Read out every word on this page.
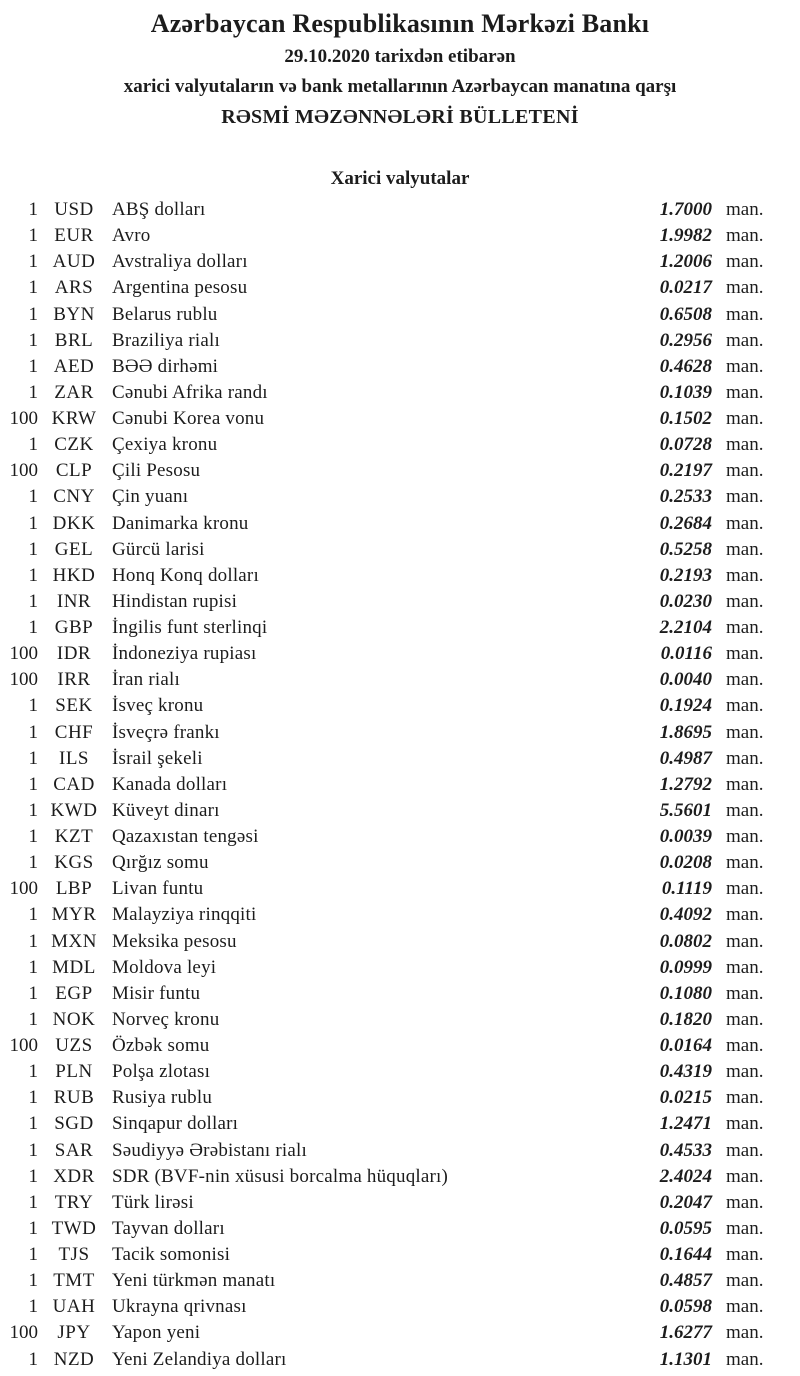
Azərbaycan Respublikasının Mərkəzi Bankı
29.10.2020 tarixdən etibarən
xarici valyutaların və bank metallarının Azərbaycan manatına qarşı
RƏSMİ MƏZƏNNƏLƏRİ BÜLLETENİ
Xarici valyutalar
1 USD ABŞ dolları	1.7000 man.
1 EUR Avro	1.9982 man.
1 AUD Avstraliya dolları	1.2006 man.
1 ARS Argentina pesosu	0.0217 man.
1 BYN Belarus rublu	0.6508 man.
1 BRL Braziliya rialı	0.2956 man.
1 AED BƏƏ dirhəmi	0.4628 man.
1 ZAR Cənubi Afrika randı	0.1039 man.
100 KRW Cənubi Korea vonu	0.1502 man.
1 CZK Çexiya kronu	0.0728 man.
100 CLP	Çili Pesosu	0.2197 man.
1 CNY Çin yuanı	0.2533 man.
1 DKK Danimarka kronu	0.2684 man.
1 GEL Gürcü larisi	0.5258 man.
1 HKD Honq Konq dolları	0.2193 man.
1 INR	Hindistan rupisi	0.0230 man.
1 GBP İngilis funt sterlinqi	2.2104 man.
100 IDR	İndoneziya rupiası	0.0116 man.
100	IRR	İran rialı	0.0040 man.
1 SEK	İsveç kronu	0.1924 man.
1 CHF İsveçrə frankı	1.8695 man.
1	ILS	İsrail şekeli	0.4987 man.
1 CAD Kanada dolları	1.2792 man.
1 KWD Küveyt dinarı	5.5601 man.
1 KZT Qazaxıstan tengəsi	0.0039 man.
1 KGS Qırğız somu	0.0208 man.
100 LBP	Livan funtu	0.1119 man.
1 MYR Malayziya rinqqiti	0.4092 man.
1 MXN Meksika pesosu	0.0802 man.
1 MDL Moldova leyi	0.0999 man.
1 EGP	Misir funtu	0.1080 man.
1 NOK Norveç kronu	0.1820 man.
100 UZS	Özbək somu	0.0164 man.
1 PLN	Polşa zlotası	0.4319 man.
1 RUB Rusiya rublu	0.0215 man.
1 SGD Sinqapur dolları	1.2471 man.
1 SAR Səudiyyə Ərəbistanı rialı	0.4533 man.
1 XDR SDR (BVF-nin xüsusi borcalma hüquqları)	2.4024 man.
1 TRY Türk lirəsi	0.2047 man.
1 TWD Tayvan dolları	0.0595 man.
1	TJS	Tacik somonisi	0.1644 man.
1 TMT Yeni türkmən manatı	0.4857 man.
1 UAH Ukrayna qrivnası	0.0598 man.
100	JPY	Yapon yeni	1.6277 man.
1 NZD Yeni Zelandiya dolları	1.1301 man.
